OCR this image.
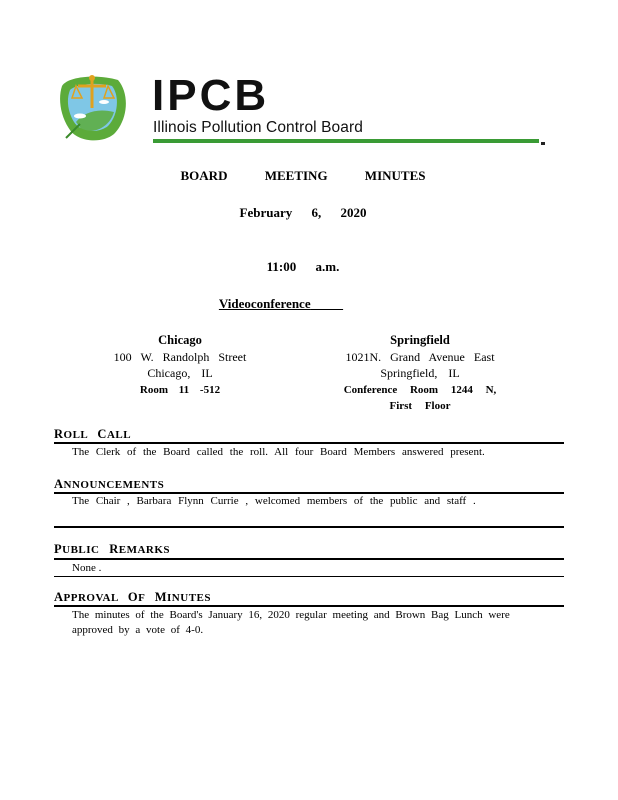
IPCB
Illinois Pollution Control Board
BOARD MEETING MINUTES
February 6, 2020
11:00 a.m.
Videoconference
Chicago
100 W. Randolph Street
Chicago, IL
Room 11 -512
Springfield
1021N. Grand Avenue East
Springfield, IL
Conference Room 1244 N, First Floor
ROLL   CALL
The Clerk of the Board called the roll. All four Board Members answered present.
ANNOUNCEMENTS
The Chair , Barbara Flynn Currie , welcomed members of the public and staff .
PUBLIC   REMARKS
None .
APPROVAL   OF   MINUTES
The minutes of the Board's January 16, 2020 regular meeting and Brown Bag Lunch were approved by a vote of 4-0.
